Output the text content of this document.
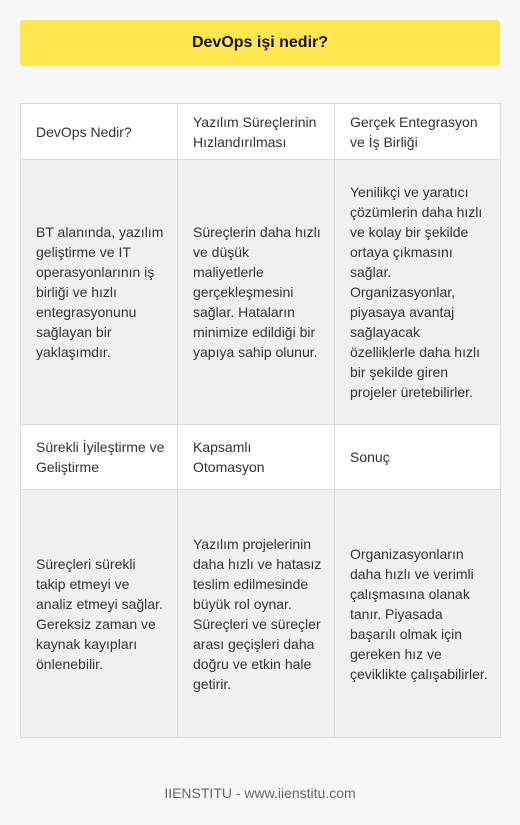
DevOps işi nedir?
DevOps Nedir?
Yazılım Süreçlerinin Hızlandırılması
Gerçek Entegrasyon ve İş Birliği
BT alanında, yazılım geliştirme ve IT operasyonlarının iş birliği ve hızlı entegrasyonunu sağlayan bir yaklaşımdır.
Süreçlerin daha hızlı ve düşük maliyetlerle gerçekleşmesini sağlar. Hataların minimize edildiği bir yapıya sahip olunur.
Yenilikçi ve yaratıcı çözümlerin daha hızlı ve kolay bir şekilde ortaya çıkmasını sağlar. Organizasyonlar, piyasaya avantaj sağlayacak özelliklerle daha hızlı bir şekilde giren projeler üretebilirler.
Sürekli İyileştirme ve Geliştirme
Kapsamlı Otomasyon
Sonuç
Süreçleri sürekli takip etmeyi ve analiz etmeyi sağlar. Gereksiz zaman ve kaynak kayıpları önlenebilir.
Yazılım projelerinin daha hızlı ve hatasız teslim edilmesinde büyük rol oynar. Süreçleri ve süreçler arası geçişleri daha doğru ve etkin hale getirir.
Organizasyonların daha hızlı ve verimli çalışmasına olanak tanır. Piyasada başarılı olmak için gereken hız ve çeviklikte çalışabilirler.
IIENSTITU - www.iienstitu.com
